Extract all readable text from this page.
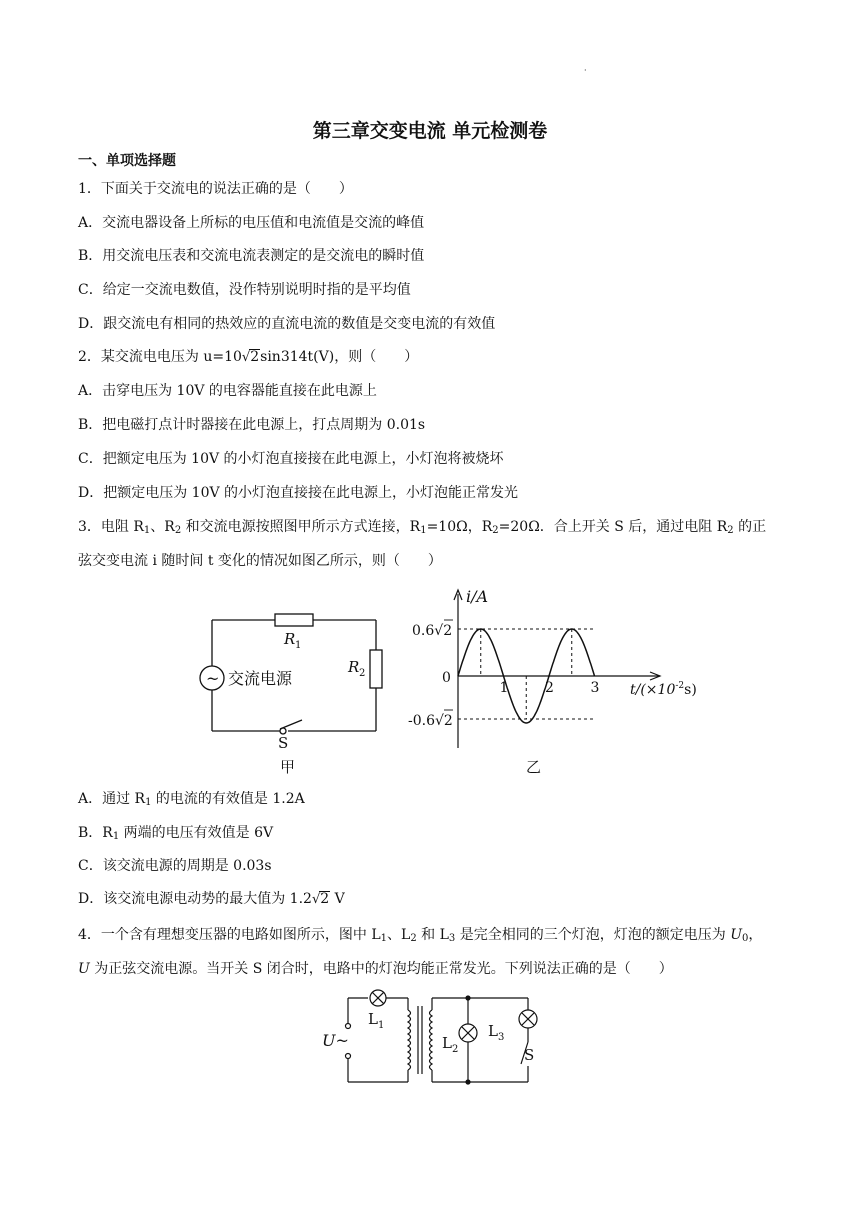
·
第三章交变电流 单元检测卷
一、单项选择题
1．下面关于交流电的说法正确的是（　　）
A．交流电器设备上所标的电压值和电流值是交流的峰值
B．用交流电压表和交流电流表测定的是交流电的瞬时值
C．给定一交流电数值，没作特别说明时指的是平均值
D．跟交流电有相同的热效应的直流电流的数值是交变电流的有效值
2．某交流电电压为 u=10√2sin314t(V)，则（　　）
A．击穿电压为 10V 的电容器能直接在此电源上
B．把电磁打点计时器接在此电源上，打点周期为 0.01s
C．把额定电压为 10V 的小灯泡直接接在此电源上，小灯泡将被烧坏
D．把额定电压为 10V 的小灯泡直接接在此电源上，小灯泡能正常发光
3．电阻 $R_1$、$R_2$ 和交流电源按照图甲所示方式连接，$R_1=10\Omega$，$R_2=20\Omega$．合上开关 S 后，通过电阻 $R_2$ 的正
弦交变电流 i 随时间 t 变化的情况如图乙所示，则（　　）
~ 交流电源
R 1
R 2
S
甲
i/A
$t/(\times 10^{-2}s)$
0.6√2
-0.6√2
0
1	2	3
乙
A．通过 $R_1$ 的电流的有效值是 1.2A
B．$R_1$ 两端的电压有效值是 6V
C．该交流电源的周期是 0.03s
D．该交流电源电动势的最大值为 1.2√2 V
4．一个含有理想变压器的电路如图所示，图中 $L_1$、$L_2$ 和 $L_3$ 是完全相同的三个灯泡，灯泡的额定电压为 $U_0$，
U 为正弦交流电源。当开关 S 闭合时，电路中的灯泡均能正常发光。下列说法正确的是（　　）
U~
$L_1$
$L_2$
$L_3$
S
